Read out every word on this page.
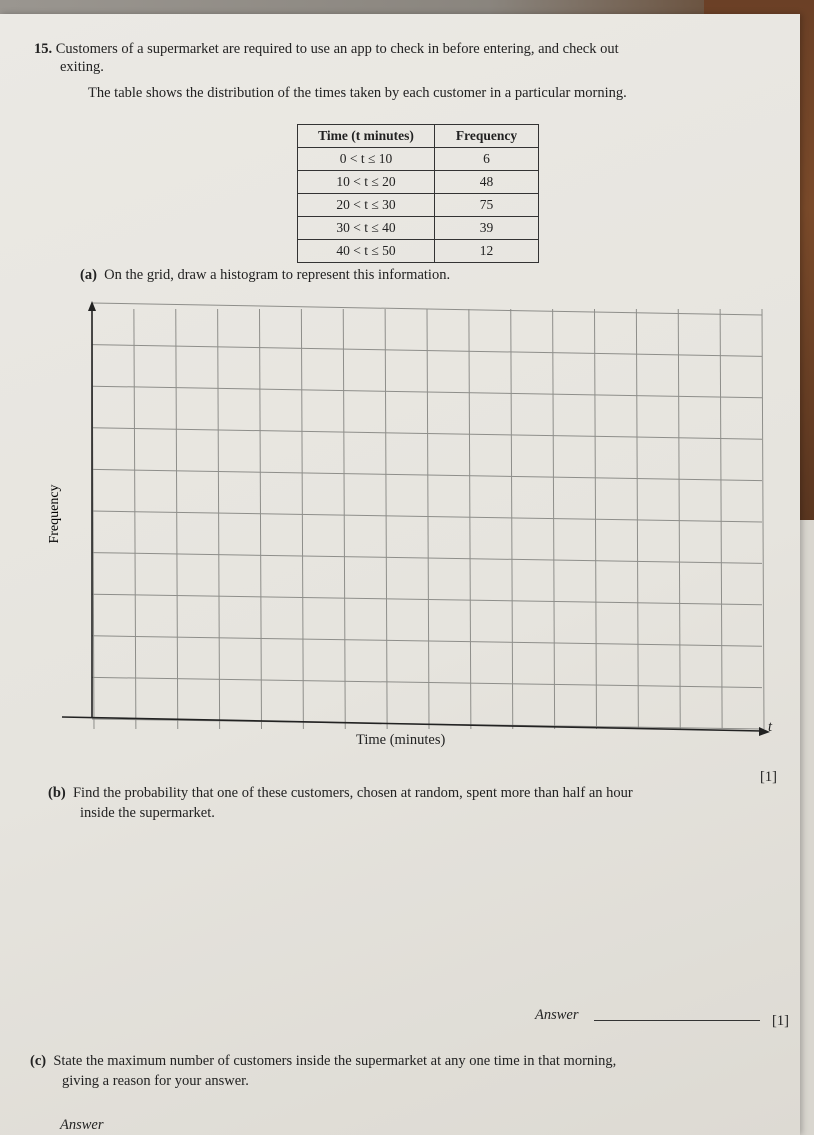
15. Customers of a supermarket are required to use an app to check in before entering, and check out
exiting.
The table shows the distribution of the times taken by each customer in a particular morning.
Time (t minutes)	Frequency
0 < t ≤ 10	6
10 < t ≤ 20	48
20 < t ≤ 30	75
30 < t ≤ 40	39
40 < t ≤ 50	12
(a) On the grid, draw a histogram to represent this information.
Frequency
Time (minutes)
t
[1]
(b) Find the probability that one of these customers, chosen at random, spent more than half an hour
inside the supermarket.
Answer	[1]
(c) State the maximum number of customers inside the supermarket at any one time in that morning,
giving a reason for your answer.
Answer
